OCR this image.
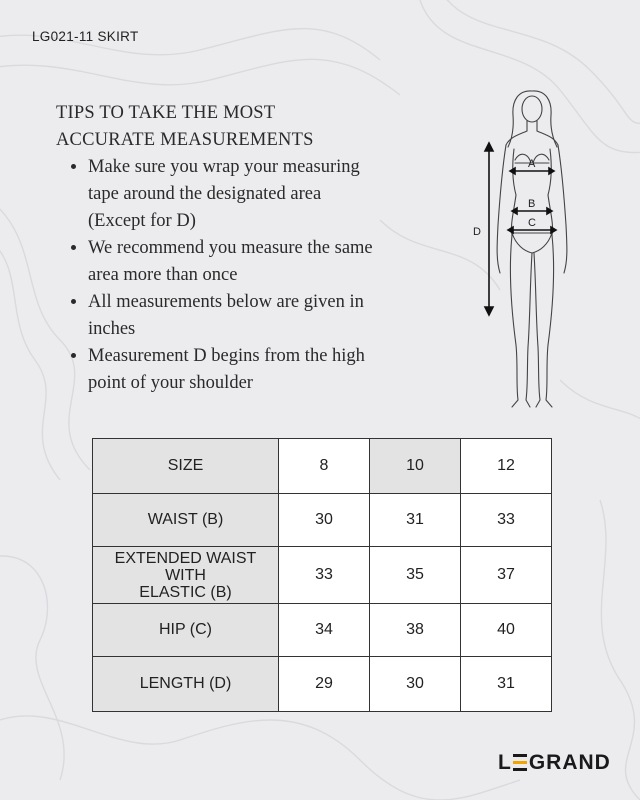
LG021-11 SKIRT
TIPS TO TAKE THE MOST
ACCURATE MEASUREMENTS
• Make sure you wrap your measuring tape around the designated area (Except for D)
• We recommend you measure the same area more than once
• All measurements below are given in inches
• Measurement D begins from the high point of your shoulder
A
B
C
D
SIZE	8	10	12
WAIST (B)	30	31	33
EXTENDED WAIST WITH
ELASTIC (B)	33	35	37
HIP (C)	34	38	40
LENGTH (D)	29	30	31
L GRAND
